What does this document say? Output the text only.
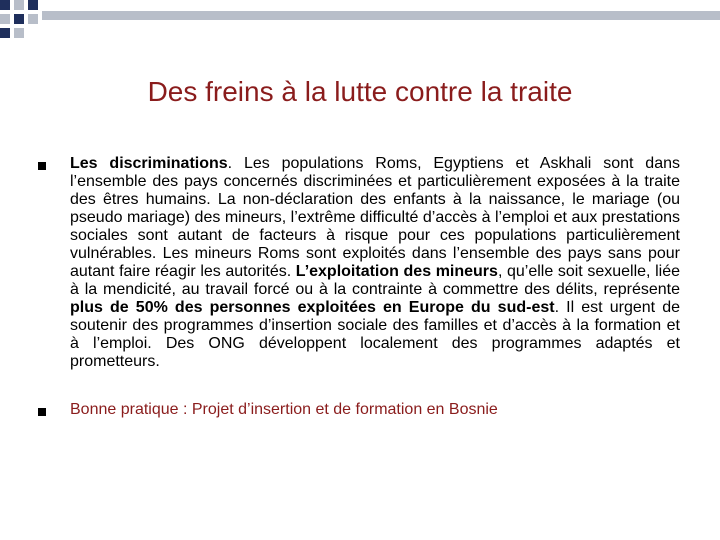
Des freins à la lutte contre la traite
Les discriminations. Les populations Roms, Egyptiens et Askhali sont dans l’ensemble des pays concernés discriminées et particulièrement exposées à la traite des êtres humains. La non-déclaration des enfants à la naissance, le mariage (ou pseudo mariage) des mineurs, l’extrême difficulté d’accès à l’emploi et aux prestations sociales sont autant de facteurs à risque pour ces populations particulièrement vulnérables. Les mineurs Roms sont exploités dans l’ensemble des pays sans pour autant faire réagir les autorités. L’exploitation des mineurs, qu’elle soit sexuelle, liée à la mendicité, au travail forcé ou à la contrainte à commettre des délits, représente plus de 50% des personnes exploitées en Europe du sud-est. Il est urgent de soutenir des programmes d’insertion sociale des familles et d’accès à la formation et à l’emploi. Des ONG développent localement des programmes adaptés et prometteurs.
Bonne pratique : Projet d’insertion et de formation en Bosnie
